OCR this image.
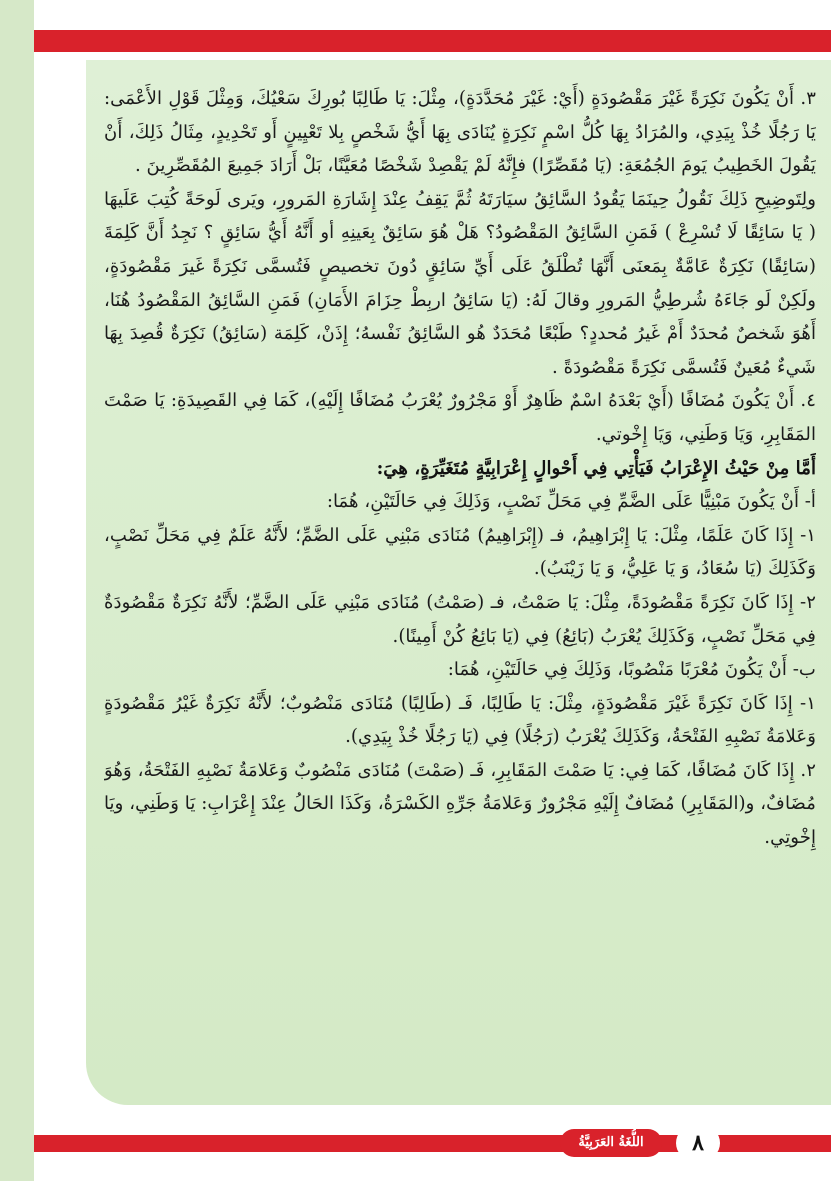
٣. أَنْ يَكُونَ نَكِرَةً غَيْرَ مَقْصُودَةٍ (أَيْ: غَيْرَ مُحَدَّدَةٍ)، مِثْلَ: يَا طَالِبًا بُورِكَ سَعْيُكَ، وَمِثْلَ قَوْلِ الأَعْمَى: يَا رَجُلًا خُذْ بِيَدِي، والمُرَادُ بِهَا كُلُّ اسْمٍ نَكِرَةٍ يُنَادَى بِهَا أَيُّ شَخْصٍ بِلا تَعْيِينٍ أَو تَحْدِيدٍ، مِثَالُ ذَلِكَ، أَنْ يَقُولَ الخَطِيبُ يَومَ الجُمُعَةِ: (يَا مُقَصِّرًا) فإِنَّهُ لَمْ يَقْصِدْ شَخْصًا مُعَيَّنًا، بَلْ أَرَادَ جَمِيعَ المُقَصِّرِينَ .

ولِتَوضِيحِ ذَلِكَ نَقُولُ حِينَمَا يَقُودُ السَّائِقُ سيَارَتَهُ ثُمَّ يَقِفُ عِنْدَ إِشَارَةِ المَرورِ، ويَرى لَوحَةً كُتِبَ عَلَيهَا ( يَا سَائِقًا لَا تُسْرِعْ ) فَمَنِ السَّائِقُ المَقْصُودُ؟ هَلْ هُوَ سَائِقٌ بِعَينِهِ أو أَنَّهُ أَيُّ سَائِقٍ ؟ نَجِدُ أَنَّ كَلِمَةَ (سَائِقًا) نَكِرَةٌ عَامَّةٌ بِمَعنَى أَنَّهَا تُطْلَقُ عَلَى أَيِّ سَائِقٍ دُونَ تخصيصٍ فَتُسمَّى نَكِرَةً غَيرَ مَقْصُودَةٍ، ولَكِنْ لَو جَاءَهُ شُرطِيُّ المَرورِ وقالَ لَهُ: (يَا سَائِقُ اربِطْ حِزَامَ الأَمَانِ) فَمَنِ السَّائِقُ المَقْصُودُ هُنَا، أَهُوَ شَخصٌ مُحدَدٌ أَمْ غَيرُ مُحددٍ؟ طَبْعًا مُحَدَدٌ هُو السَّائِقُ نَفْسهُ؛ إِذَنْ، كَلِمَة (سَائِقُ) نَكِرَةٌ قُصِدَ بِهَا شَيءٌ مُعَينٌ فَتُسمَّى نَكِرَةً مَقْصُودَةً .

٤. أَنْ يَكُونَ مُضَافًا (أَيْ بَعْدَهُ اسْمٌ ظَاهِرٌ أَوْ مَجْرُورٌ يُعْرَبُ مُضَافًا إِلَيْهِ)، كَمَا فِي القَصِيدَةِ: يَا صَمْتَ المَقَابِرِ، وَيَا وَطَنِي، وَيَا إِخْوتي.

أَمَّا مِنْ حَيْثُ الإِعْرَابُ فَيَأْتِي فِي أَحْوالٍ إِعْرَابِيَّةٍ مُتَغَيِّرَةٍ، هِيَ:

أ- أَنْ يَكُونَ مَبْنِيًّا عَلَى الضَّمِّ فِي مَحَلِّ نَصْبٍ، وَذَلِكَ فِي حَالَتَيْنِ، هُمَا:

١- إِذَا كَانَ عَلَمًا، مِثْلَ: يَا إِبْرَاهِيمُ، فـ (إِبْرَاهِيمُ) مُنَادَى مَبْنِي عَلَى الضَّمِّ؛ لأَنَّهُ عَلَمٌ فِي مَحَلِّ نَصْبٍ، وَكَذَلِكَ (يَا سُعَادُ، وَ يَا عَلِيُّ، وَ يَا زَيْنَبُ).

٢- إِذَا كَانَ نَكِرَةً مَقْصُودَةً، مِثْلَ: يَا صَمْتُ، فـ (صَمْتُ) مُنَادَى مَبْنِي عَلَى الضَّمِّ؛ لأَنَّهُ نَكِرَةٌ مَقْصُودَةٌ فِي مَحَلِّ نَصْبٍ، وَكَذَلِكَ يُعْرَبُ (بَائِعُ) فِي (يَا بَائِعُ كُنْ أَمِينًا).

ب- أَنْ يَكُونَ مُعْرَبًا مَنْصُوبًا، وَذَلِكَ فِي حَالَتَيْنِ، هُمَا:

١- إِذَا كَانَ نَكِرَةً غَيْرَ مَقْصُودَةٍ، مِثْلَ: يَا طَالِبًا، فَـ (طَالِبًا) مُنَادَى مَنْصُوبٌ؛ لأَنَّهُ نَكِرَةٌ غَيْرُ مَقْصُودَةٍ وَعَلامَةُ نَصْبِهِ الفَتْحَةُ، وَكَذَلِكَ يُعْرَبُ (رَجُلًا) فِي (يَا رَجُلًا خُذْ بِيَدِي).

٢. إِذَا كَانَ مُضَافًا، كَمَا فِي: يَا صَمْتَ المَقَابِرِ، فَـ (صَمْتَ) مُنَادَى مَنْصُوبٌ وَعَلامَةُ نَصْبِهِ الفَتْحَةُ، وَهُوَ مُضَافٌ، و(المَقَابِرِ) مُضَافٌ إِلَيْهِ مَجْرُورٌ وَعَلامَةُ جَرِّهِ الكَسْرَةُ، وَكَذَا الحَالُ عِنْدَ إِعْرَابِ: يَا وَطَنِي، ويَا إِخْوتِي.

اللُّغَةُ العَرَبِيَّةُ	٨
